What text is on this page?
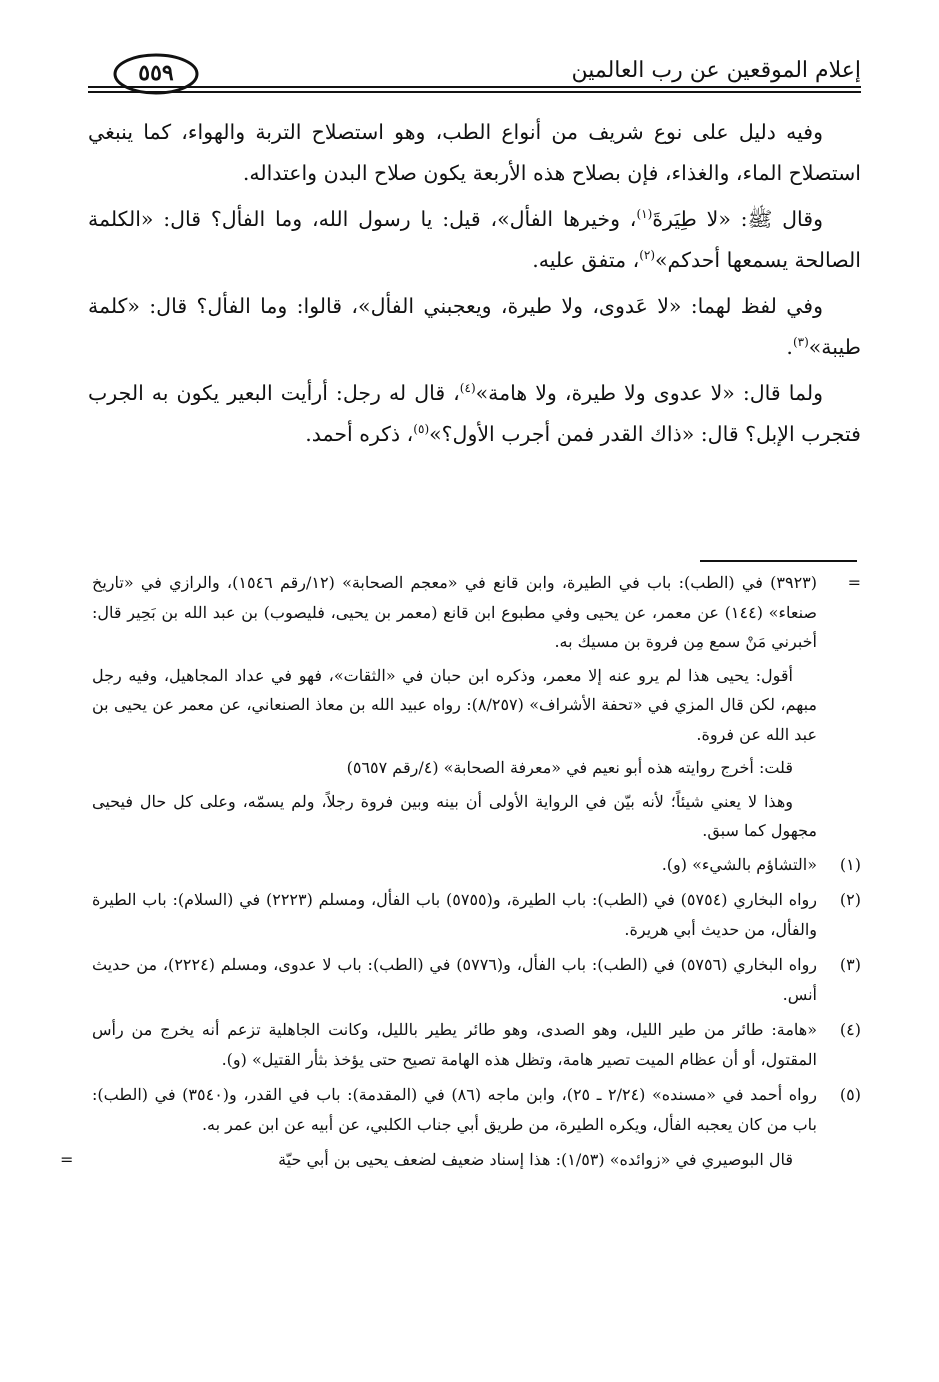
إعلام الموقعين عن رب العالمين
٥٥٩

وفيه دليل على نوع شريف من أنواع الطب، وهو استصلاح التربة والهواء، كما ينبغي استصلاح الماء، والغذاء، فإن بصلاح هذه الأربعة يكون صلاح البدن واعتداله.

وقال ﷺ: «لا طِيَرةَ$^{(١)}$، وخيرها الفأل»، قيل: يا رسول الله، وما الفأل؟ قال: «الكلمة الصالحة يسمعها أحدكم»$^{(٢)}$، متفق عليه.

وفي لفظ لهما: «لا عَدوى، ولا طيرة، ويعجبني الفأل»، قالوا: وما الفأل؟ قال: «كلمة طيبة»$^{(٣)}$.

ولما قال: «لا عدوى ولا طيرة، ولا هامة»$^{(٤)}$، قال له رجل: أرأيت البعير يكون به الجرب فتجرب الإبل؟ قال: «ذاك القدر فمن أجرب الأول؟»$^{(٥)}$، ذكره أحمد.

=
(٣٩٢٣) في (الطب): باب في الطيرة، وابن قانع في «معجم الصحابة» (١٢/رقم ١٥٤٦)، والرازي في «تاريخ صنعاء» (١٤٤) عن معمر، عن يحيى وفي مطبوع ابن قانع (معمر بن يحيى، فليصوب) بن عبد الله بن بَحِير قال: أخبرني مَنْ سمع مِن فروة بن مسيك به.

أقول: يحيى هذا لم يرو عنه إلا معمر، وذكره ابن حبان في «الثقات»، فهو في عداد المجاهيل، وفيه رجل مبهم، لكن قال المزي في «تحفة الأشراف» (٨/٢٥٧): رواه عبيد الله بن معاذ الصنعاني، عن معمر عن يحيى بن عبد الله عن فروة.

قلت: أخرج روايته هذه أبو نعيم في «معرفة الصحابة» (٤/رقم ٥٦٥٧)

وهذا لا يعني شيئاً؛ لأنه بيّن في الرواية الأولى أن بينه وبين فروة رجلاً، ولم يسمّه، وعلى كل حال فيحيى مجهول كما سبق.

(١)
«التشاؤم بالشيء» (و).
(٢)
رواه البخاري (٥٧٥٤) في (الطب): باب الطيرة، و(٥٧٥٥) باب الفأل، ومسلم (٢٢٢٣) في (السلام): باب الطيرة والفأل، من حديث أبي هريرة.
(٣)
رواه البخاري (٥٧٥٦) في (الطب): باب الفأل، و(٥٧٧٦) في (الطب): باب لا عدوى، ومسلم (٢٢٢٤)، من حديث أنس.
(٤)
«هامة: طائر من طير الليل، وهو الصدى، وهو طائر يطير بالليل، وكانت الجاهلية تزعم أنه يخرج من رأس المقتول، أو أن عظام الميت تصير هامة، وتظل هذه الهامة تصيح حتى يؤخذ بثأر القتيل» (و).
(٥)
رواه أحمد في «مسنده» (٢/٢٤ ـ ٢٥)، وابن ماجه (٨٦) في (المقدمة): باب في القدر، و(٣٥٤٠) في (الطب): باب من كان يعجبه الفأل، ويكره الطيرة، من طريق أبي جناب الكلبي، عن أبيه عن ابن عمر به.

قال البوصيري في «زوائده» (١/٥٣): هذا إسناد ضعيف لضعف يحيى بن أبي حيّة
=
